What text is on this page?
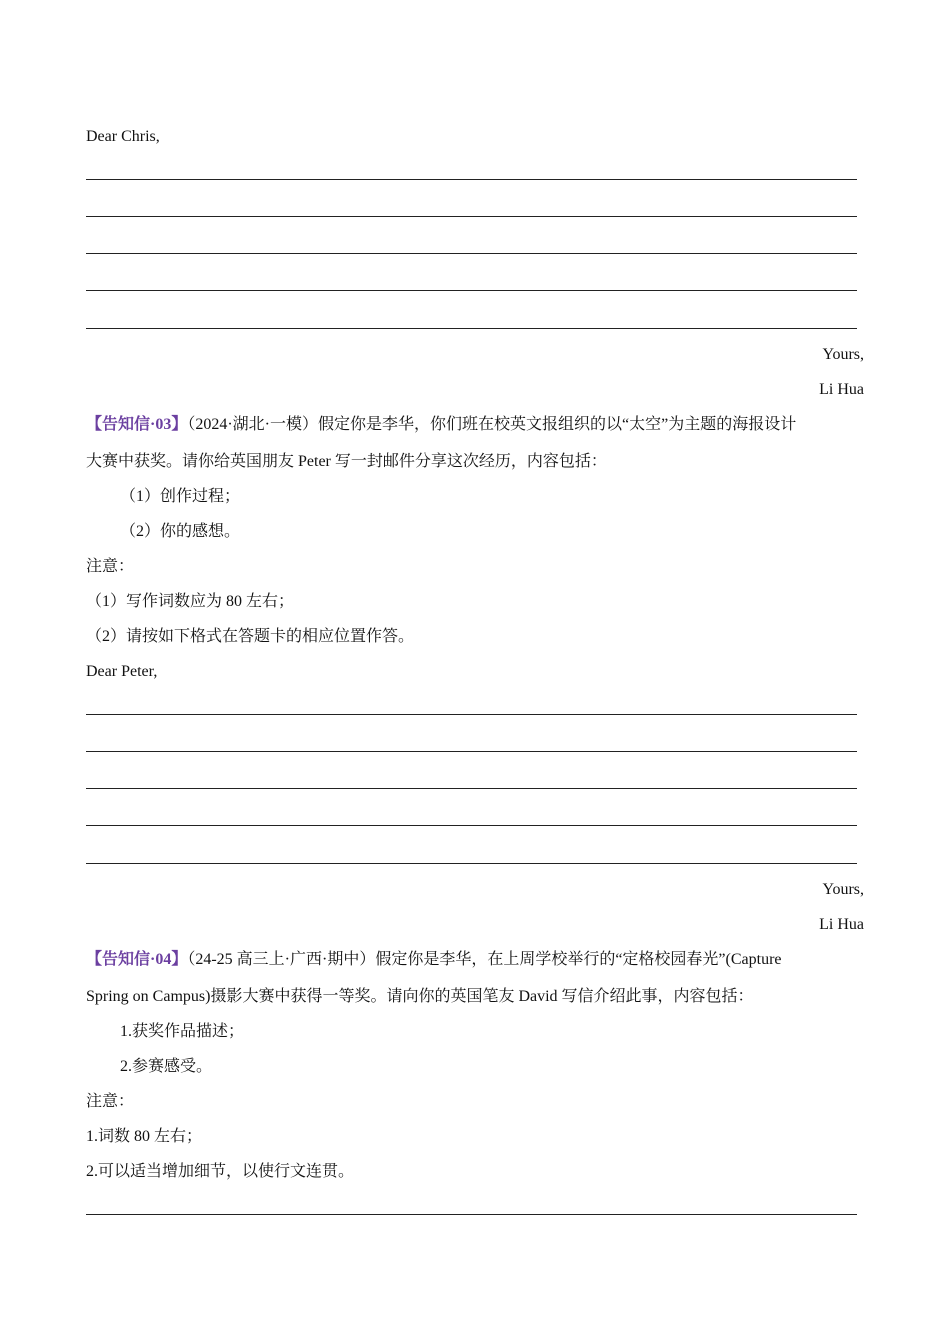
Dear Chris,
Yours,
Li Hua
【告知信·03】（2024·湖北·一模）假定你是李华，你们班在校英文报组织的以“太空”为主题的海报设计
大赛中获奖。请你给英国朋友 Peter 写一封邮件分享这次经历，内容包括：
（1）创作过程；
（2）你的感想。
注意：
（1）写作词数应为 80 左右；
（2）请按如下格式在答题卡的相应位置作答。
Dear Peter,
Yours,
Li Hua
【告知信·04】（24-25 高三上·广西·期中）假定你是李华，在上周学校举行的“定格校园春光”(Capture
Spring on Campus)摄影大赛中获得一等奖。请向你的英国笔友 David 写信介绍此事，内容包括：
1.获奖作品描述；
2.参赛感受。
注意：
1.词数 80 左右；
2.可以适当增加细节，以使行文连贯。
